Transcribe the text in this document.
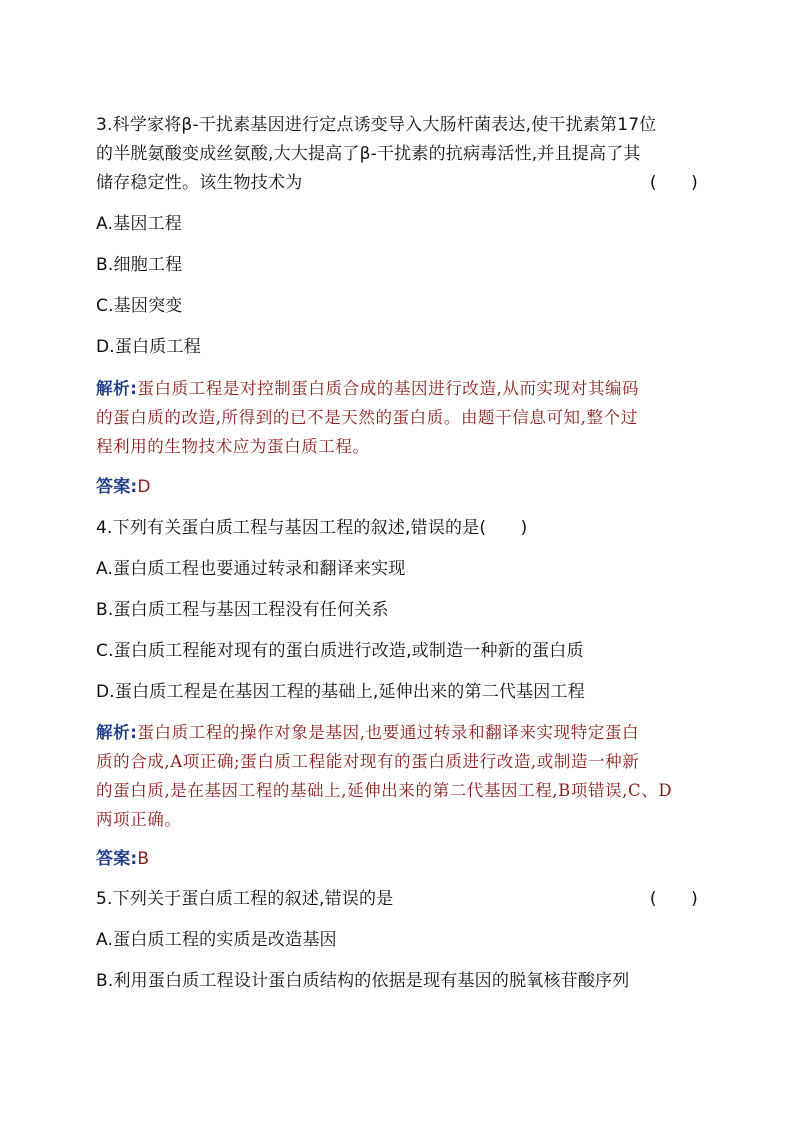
3.科学家将β-干扰素基因进行定点诱变导入大肠杆菌表达,使干扰素第17位
的半胱氨酸变成丝氨酸,大大提高了β-干扰素的抗病毒活性,并且提高了其
储存稳定性。该生物技术为	(　　)
A.基因工程
B.细胞工程
C.基因突变
D.蛋白质工程
解析:蛋白质工程是对控制蛋白质合成的基因进行改造,从而实现对其编码
的蛋白质的改造,所得到的已不是天然的蛋白质。由题干信息可知,整个过
程利用的生物技术应为蛋白质工程。
答案:D
4.下列有关蛋白质工程与基因工程的叙述,错误的是(　　)
A.蛋白质工程也要通过转录和翻译来实现
B.蛋白质工程与基因工程没有任何关系
C.蛋白质工程能对现有的蛋白质进行改造,或制造一种新的蛋白质
D.蛋白质工程是在基因工程的基础上,延伸出来的第二代基因工程
解析:蛋白质工程的操作对象是基因,也要通过转录和翻译来实现特定蛋白
质的合成,A项正确;蛋白质工程能对现有的蛋白质进行改造,或制造一种新
的蛋白质,是在基因工程的基础上,延伸出来的第二代基因工程,B项错误,C、D
两项正确。
答案:B
5.下列关于蛋白质工程的叙述,错误的是	(　　)
A.蛋白质工程的实质是改造基因
B.利用蛋白质工程设计蛋白质结构的依据是现有基因的脱氧核苷酸序列
